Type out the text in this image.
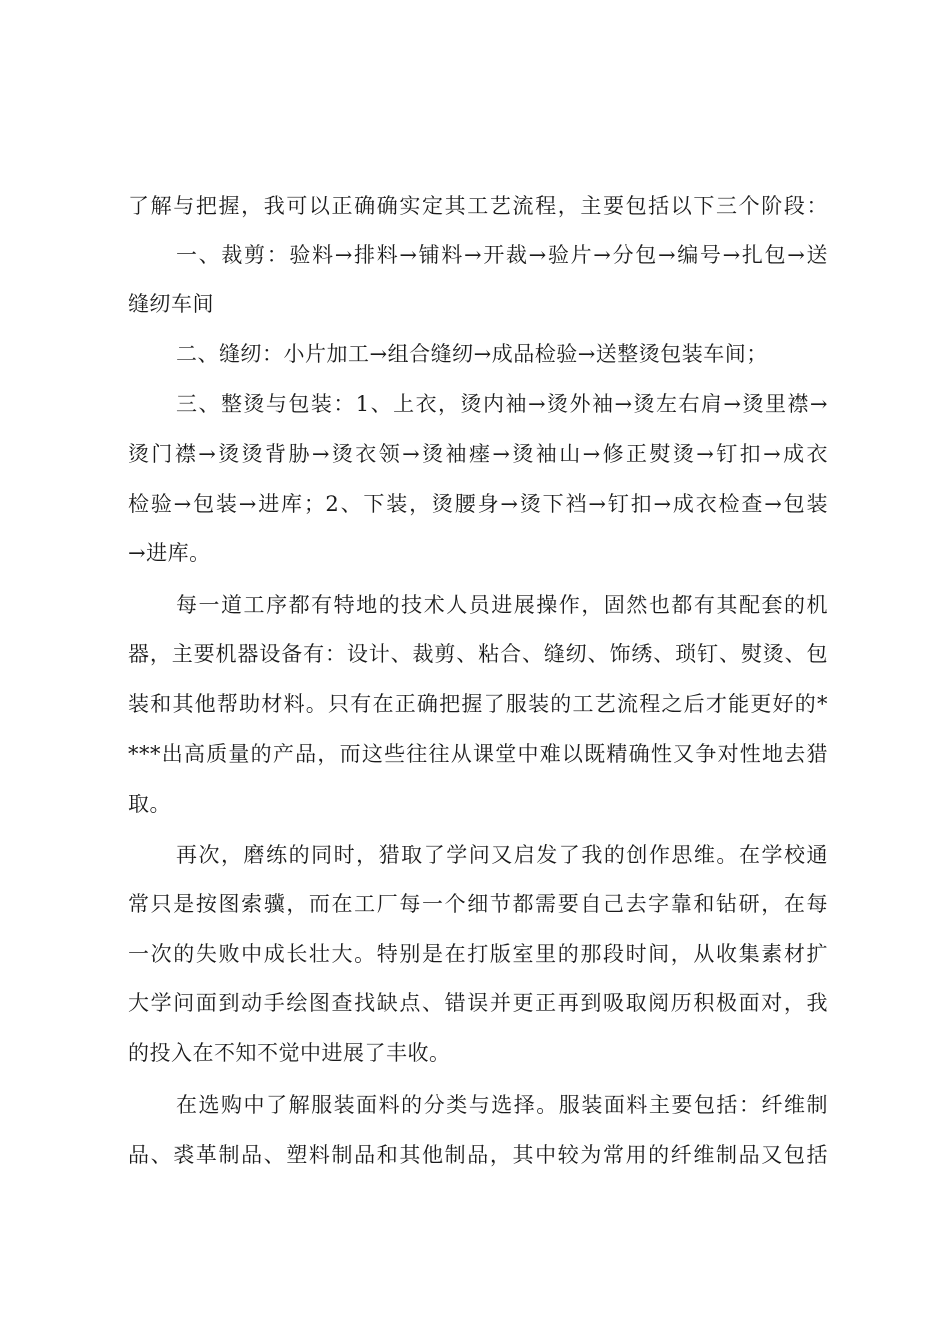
了解与把握，我可以正确确实定其工艺流程，主要包括以下三个阶段：
一、裁剪：验料→排料→铺料→开裁→验片→分包→编号→扎包→送
缝纫车间
二、缝纫：小片加工→组合缝纫→成品检验→送整烫包装车间；
三、整烫与包装：1、上衣，烫内袖→烫外袖→烫左右肩→烫里襟→
烫门襟→烫烫背胁→烫衣领→烫袖瘗→烫袖山→修正熨烫→钉扣→成衣
检验→包装→进库；2、下装，烫腰身→烫下裆→钉扣→成衣检查→包装
→进库。
每一道工序都有特地的技术人员进展操作，固然也都有其配套的机
器，主要机器设备有：设计、裁剪、粘合、缝纫、饰绣、琐钉、熨烫、包
装和其他帮助材料。只有在正确把握了服装的工艺流程之后才能更好的*
***出高质量的产品，而这些往往从课堂中难以既精确性又争对性地去猎
取。
再次，磨练的同时，猎取了学问又启发了我的创作思维。在学校通
常只是按图索骥，而在工厂每一个细节都需要自己去字靠和钻研，在每
一次的失败中成长壮大。特别是在打版室里的那段时间，从收集素材扩
大学问面到动手绘图查找缺点、错误并更正再到吸取阅历积极面对，我
的投入在不知不觉中进展了丰收。
在选购中了解服装面料的分类与选择。服装面料主要包括：纤维制
品、裘革制品、塑料制品和其他制品，其中较为常用的纤维制品又包括
